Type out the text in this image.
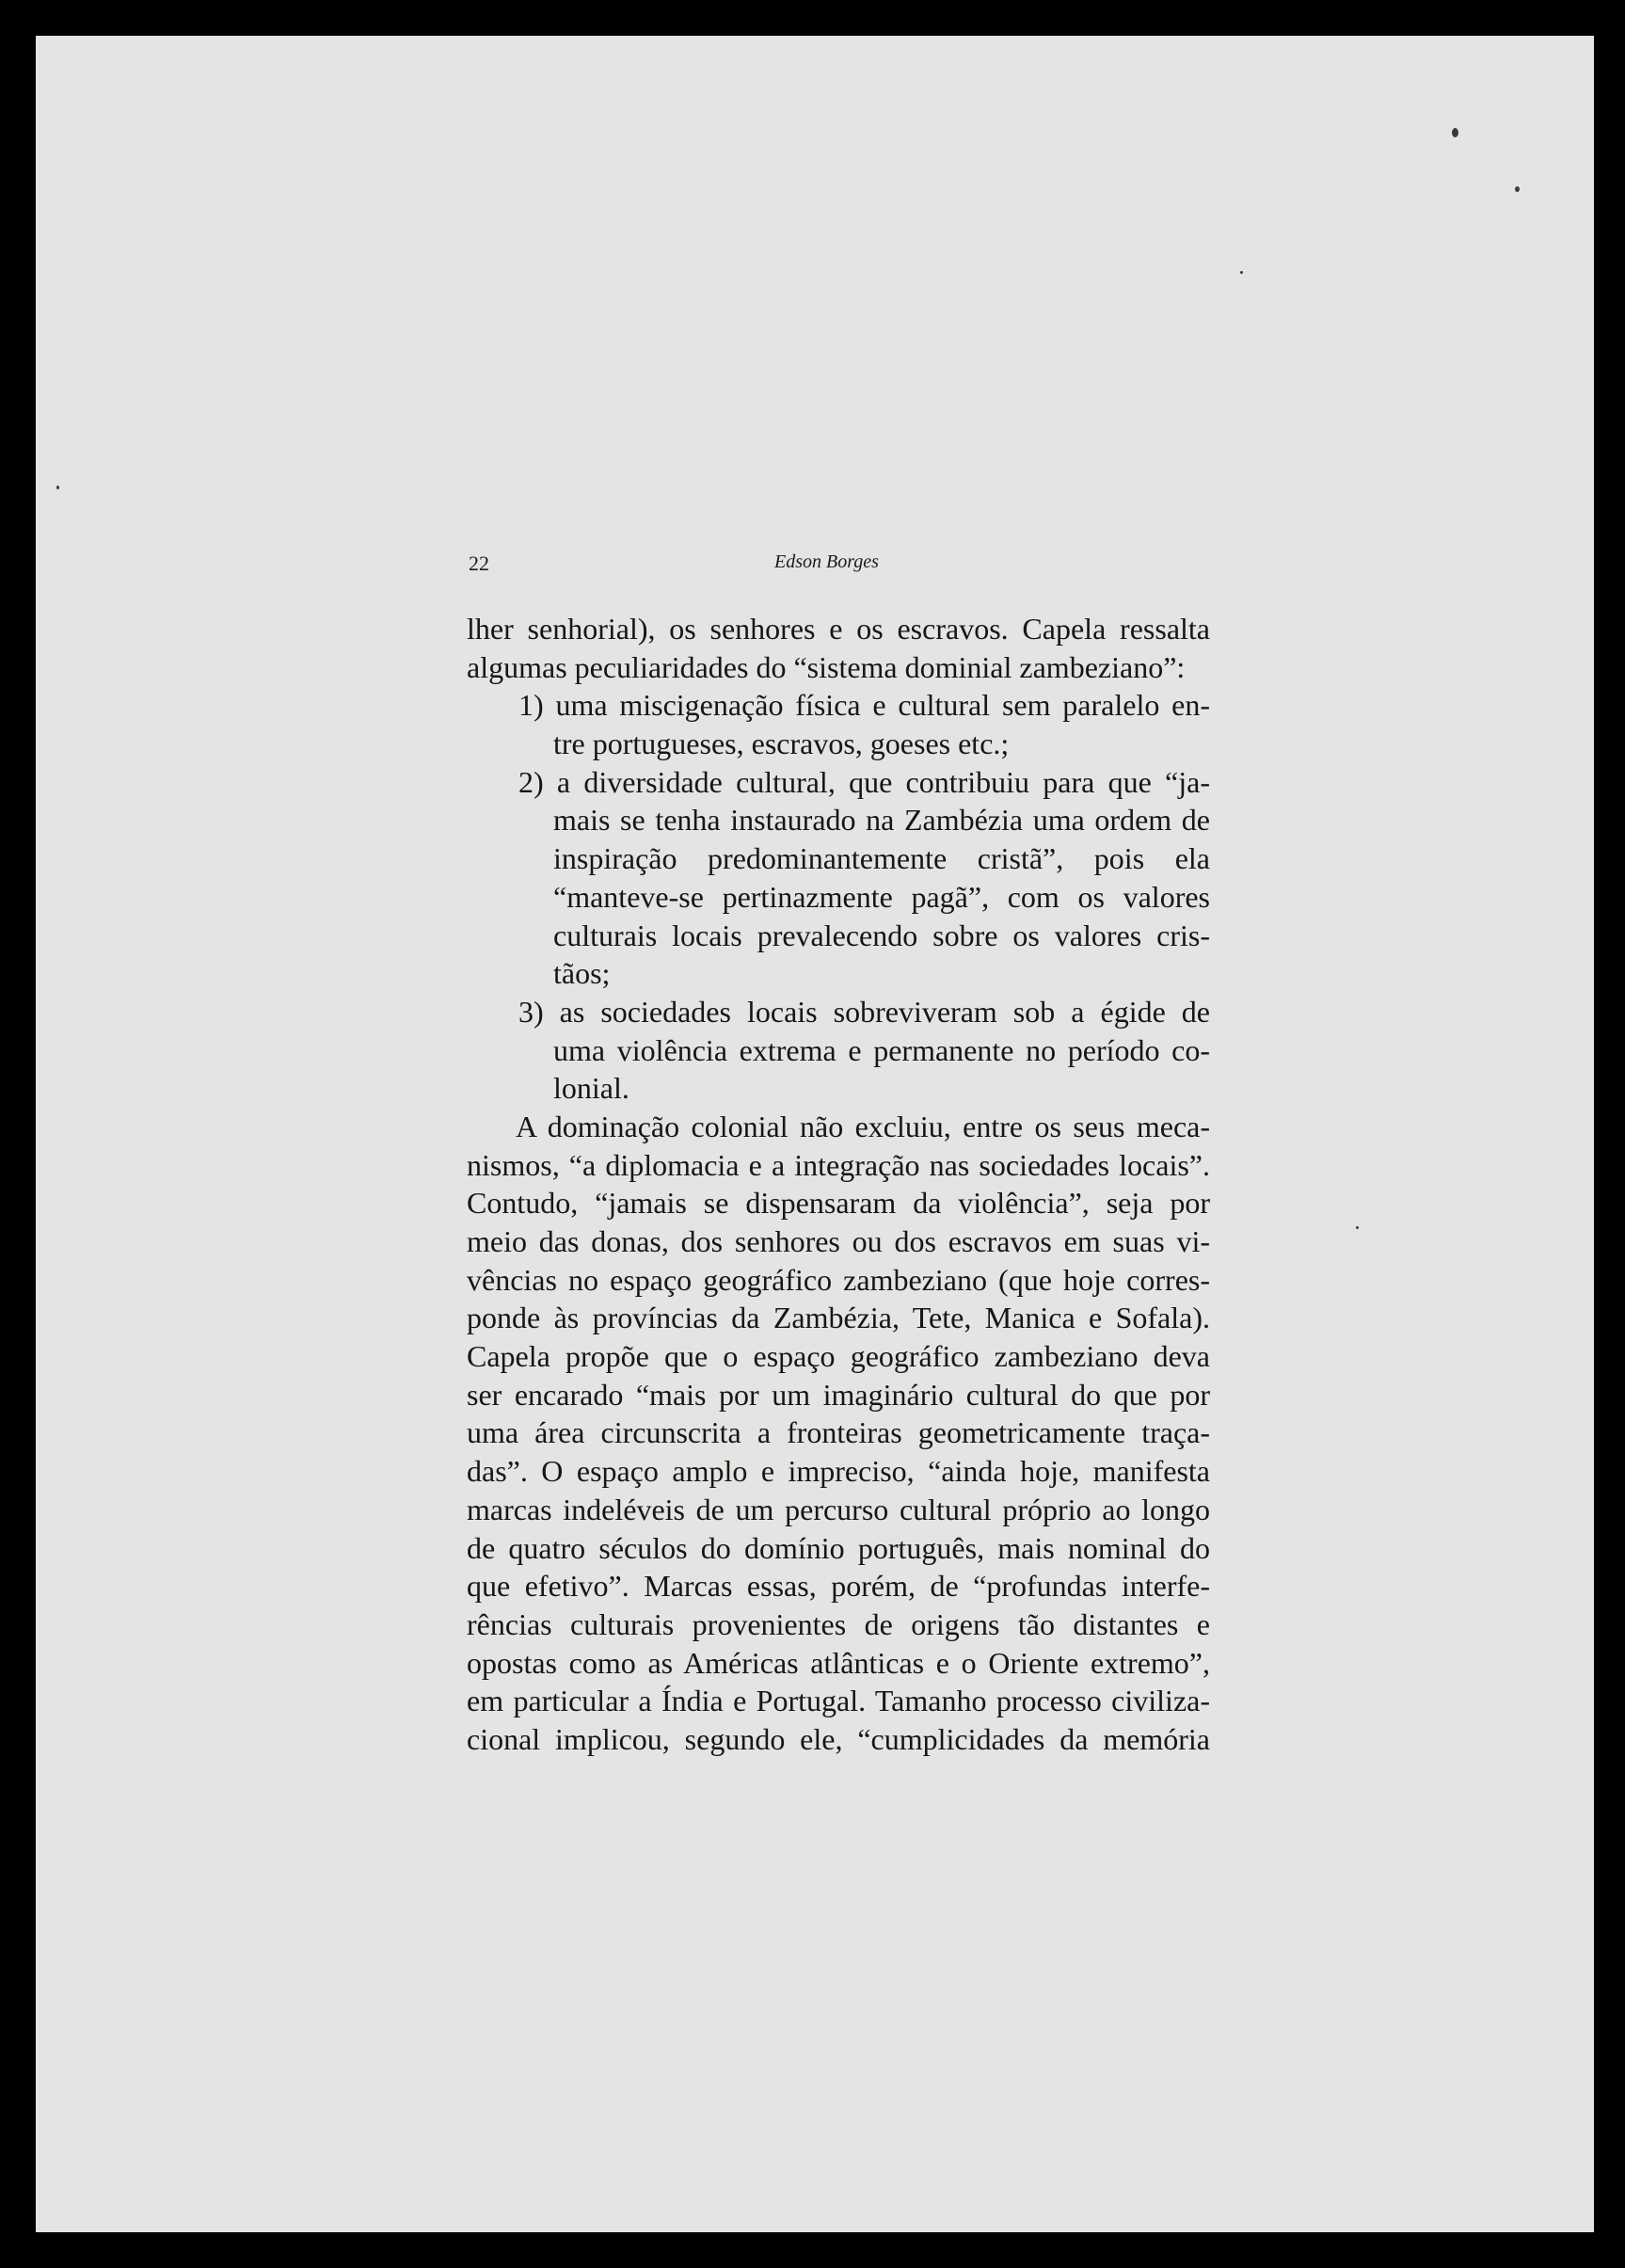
22	Edson Borges
lher senhorial), os senhores e os escravos. Capela ressalta
algumas peculiaridades do “sistema dominial zambeziano”:
1) uma miscigenação física e cultural sem paralelo en-
tre portugueses, escravos, goeses etc.;
2) a diversidade cultural, que contribuiu para que “ja-
mais se tenha instaurado na Zambézia uma ordem de
inspiração predominantemente cristã”, pois ela
“manteve-se pertinazmente pagã”, com os valores
culturais locais prevalecendo sobre os valores cris-
tãos;
3) as sociedades locais sobreviveram sob a égide de
uma violência extrema e permanente no período co-
lonial.
A dominação colonial não excluiu, entre os seus meca-
nismos, “a diplomacia e a integração nas sociedades locais”.
Contudo, “jamais se dispensaram da violência”, seja por
meio das donas, dos senhores ou dos escravos em suas vi-
vências no espaço geográfico zambeziano (que hoje corres-
ponde às províncias da Zambézia, Tete, Manica e Sofala).
Capela propõe que o espaço geográfico zambeziano deva
ser encarado “mais por um imaginário cultural do que por
uma área circunscrita a fronteiras geometricamente traça-
das”. O espaço amplo e impreciso, “ainda hoje, manifesta
marcas indeléveis de um percurso cultural próprio ao longo
de quatro séculos do domínio português, mais nominal do
que efetivo”. Marcas essas, porém, de “profundas interfe-
rências culturais provenientes de origens tão distantes e
opostas como as Américas atlânticas e o Oriente extremo”,
em particular a Índia e Portugal. Tamanho processo civiliza-
cional implicou, segundo ele, “cumplicidades da memória
